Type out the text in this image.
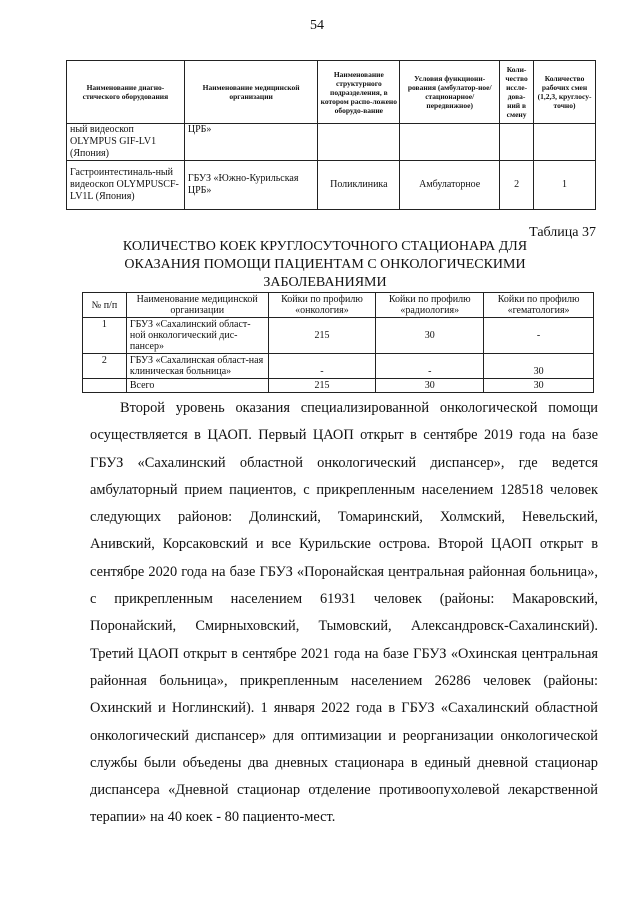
54
Наименование диагно-стического оборудования	Наименование медицинской организации	Наименование структурного подразделения, в котором распо-ложено оборудо-вание	Условия функциони-рования (амбулатор-ное/стационарное/ передвижное)	Коли-чество иссле-дова-ний в смену	Количество рабочих смен (1,2,3, круглосу-точно)
ный видеоскоп OLYMPUS GIF-LV1 (Япония)	ЦРБ»				
Гастроинтестиналь-ный видеоскоп OLYMPUSCF-LV1L (Япония)	ГБУЗ «Южно-Курильская ЦРБ»	Поликлиника	Амбулаторное	2	1
Таблица 37
КОЛИЧЕСТВО КОЕК КРУГЛОСУТОЧНОГО СТАЦИОНАРА ДЛЯ ОКАЗАНИЯ ПОМОЩИ ПАЦИЕНТАМ С ОНКОЛОГИЧЕСКИМИ ЗАБОЛЕВАНИЯМИ
№ п/п	Наименование медицинской организации	Койки по профилю «онкология»	Койки по профилю «радиология»	Койки по профилю «гематология»
1	ГБУЗ «Сахалинский област-ной онкологический дис-пансер»	215	30	-
2	ГБУЗ «Сахалинская област-ная клиническая больница»	-	-	30
	Всего	215	30	30
Второй уровень оказания специализированной онкологической помощи осуществляется в ЦАОП. Первый ЦАОП открыт в сентябре 2019 года на базе ГБУЗ «Сахалинский областной онкологический диспансер», где ведется амбулаторный прием пациентов, с прикрепленным населением 128518 человек следующих районов: Долинский, Томаринский, Холмский, Невельский, Анивский, Корсаковский и все Курильские острова. Второй ЦАОП открыт в сентябре 2020 года на базе ГБУЗ «Поронайская центральная районная больница», с прикрепленным населением 61931 человек (районы: Макаровский, Поронайский, Смирныховский, Тымовский, Александровск-Сахалинский). Третий ЦАОП открыт в сентябре 2021 года на базе ГБУЗ «Охинская центральная районная больница», прикрепленным населением 26286 человек (районы: Охинский и Ноглинский). 1 января 2022 года в ГБУЗ «Сахалинский областной онкологический диспансер» для оптимизации и реорганизации онкологической службы были объедены два дневных стационара в единый дневной стационар диспансера «Дневной стационар отделение противоопухолевой лекарственной терапии» на 40 коек - 80 пациенто-мест.
